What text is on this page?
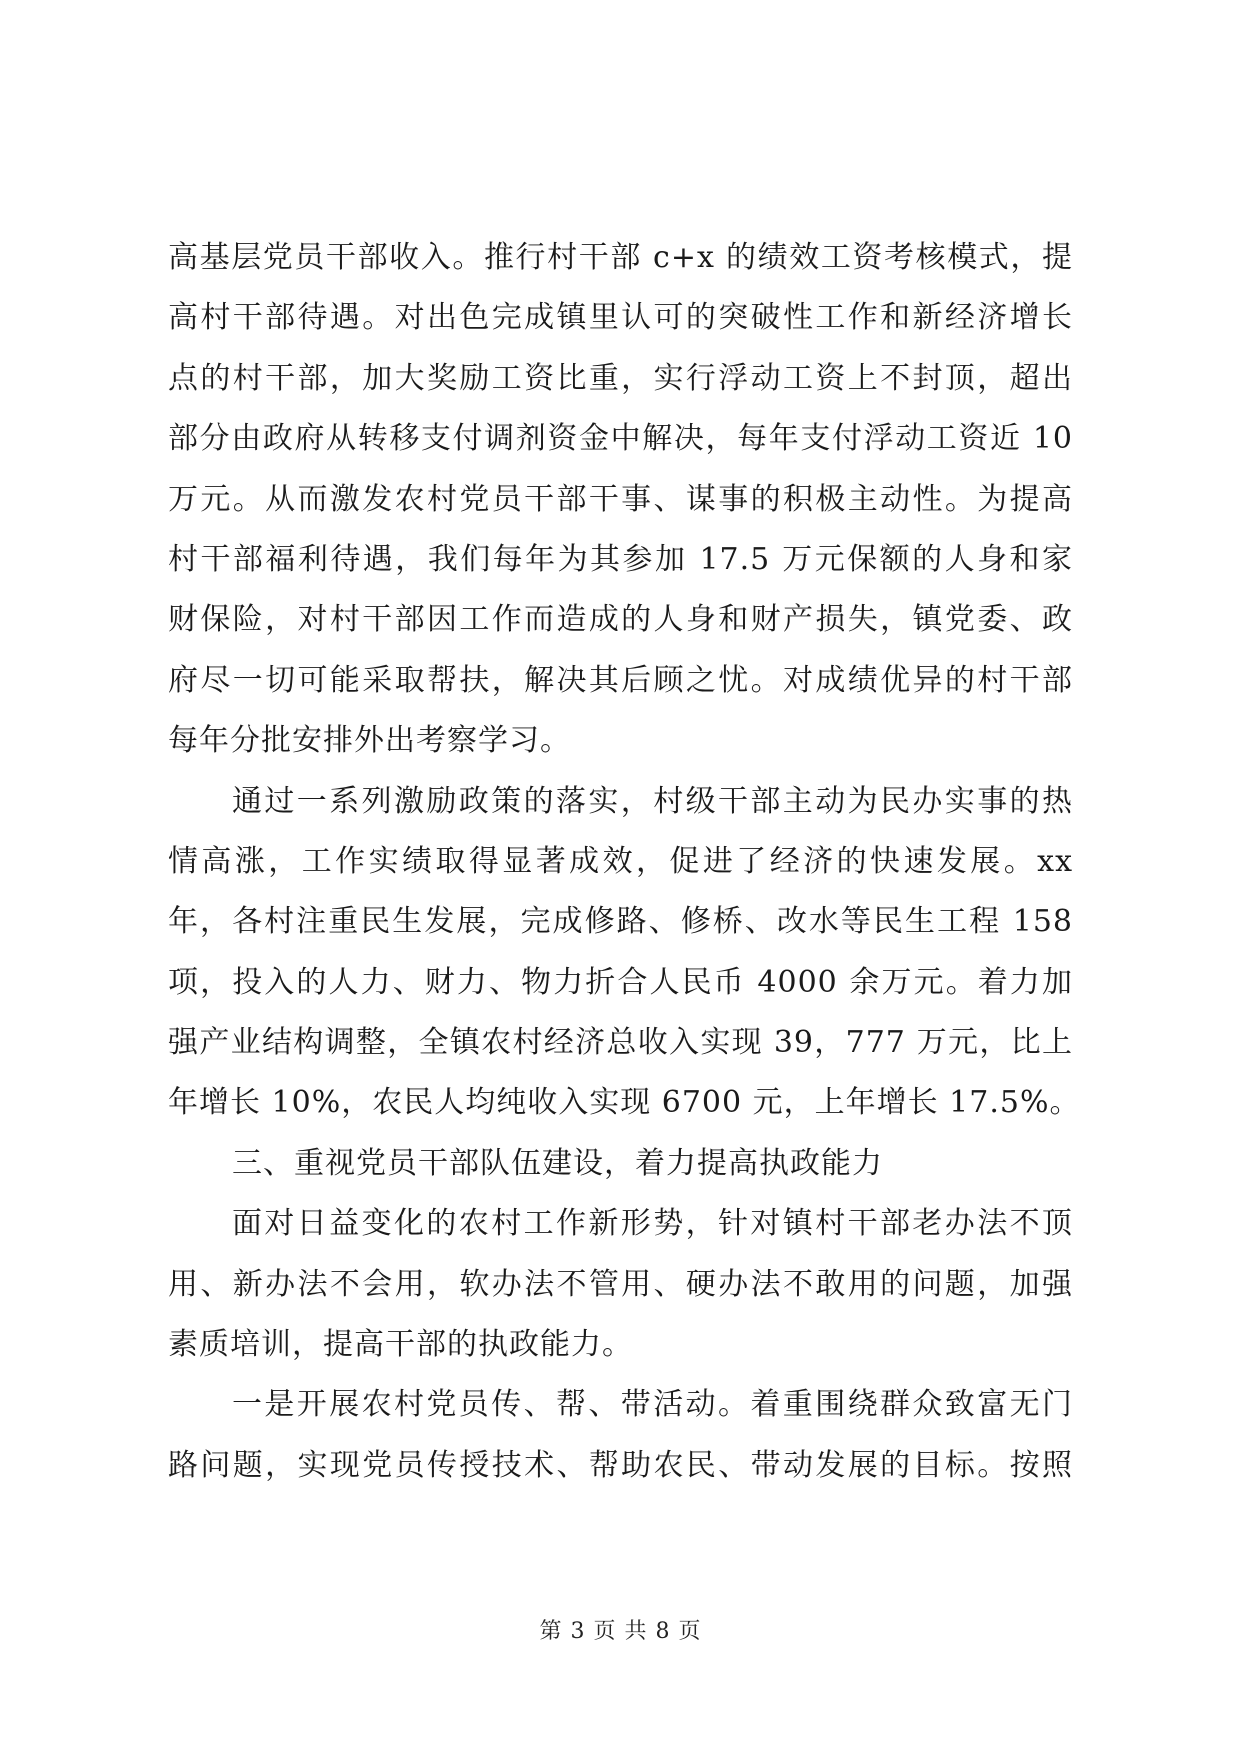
高基层党员干部收入。推行村干部 c+x 的绩效工资考核模式，提
高村干部待遇。对出色完成镇里认可的突破性工作和新经济增长
点的村干部，加大奖励工资比重，实行浮动工资上不封顶，超出
部分由政府从转移支付调剂资金中解决，每年支付浮动工资近 10
万元。从而激发农村党员干部干事、谋事的积极主动性。为提高
村干部福利待遇，我们每年为其参加 17.5 万元保额的人身和家
财保险，对村干部因工作而造成的人身和财产损失，镇党委、政
府尽一切可能采取帮扶，解决其后顾之忧。对成绩优异的村干部
每年分批安排外出考察学习。
通过一系列激励政策的落实，村级干部主动为民办实事的热
情高涨，工作实绩取得显著成效，促进了经济的快速发展。xx
年，各村注重民生发展，完成修路、修桥、改水等民生工程 158
项，投入的人力、财力、物力折合人民币 4000 余万元。着力加
强产业结构调整，全镇农村经济总收入实现 39，777 万元，比上
年增长 10%，农民人均纯收入实现 6700 元，上年增长 17.5%。
三、重视党员干部队伍建设，着力提高执政能力
面对日益变化的农村工作新形势，针对镇村干部老办法不顶
用、新办法不会用，软办法不管用、硬办法不敢用的问题，加强
素质培训，提高干部的执政能力。
一是开展农村党员传、帮、带活动。着重围绕群众致富无门
路问题，实现党员传授技术、帮助农民、带动发展的目标。按照
第 3 页 共 8 页
